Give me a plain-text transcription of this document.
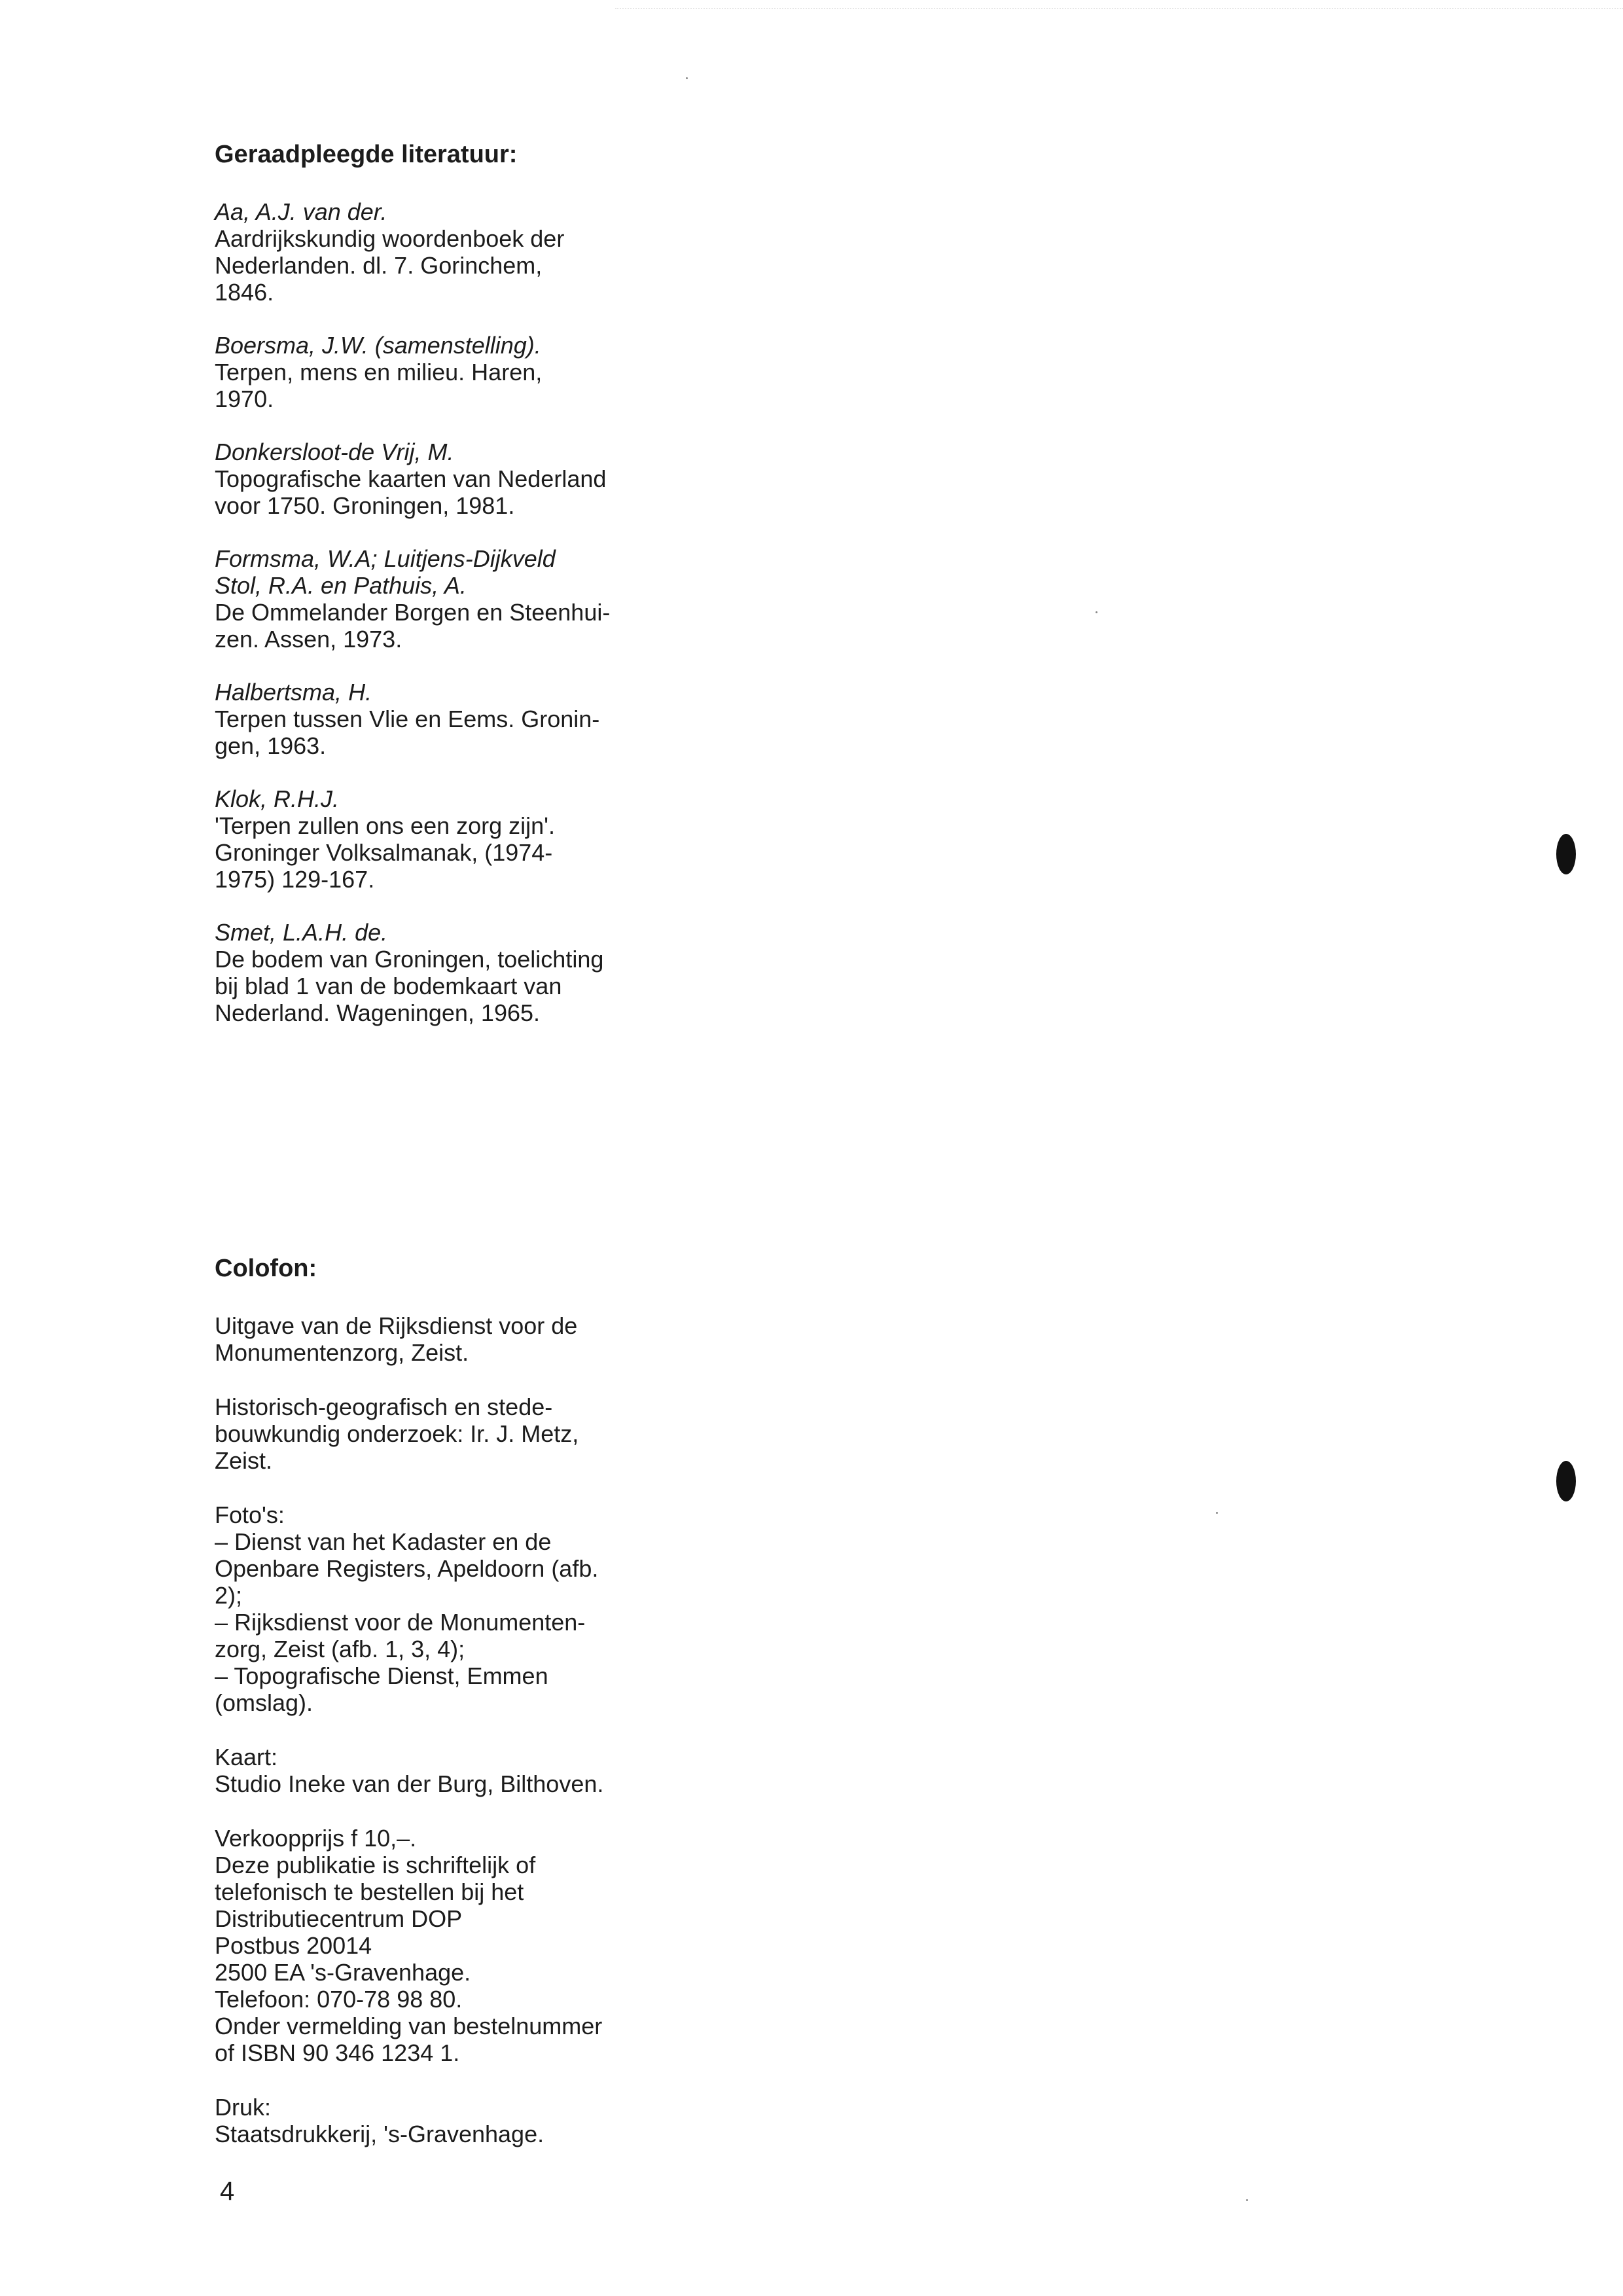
Geraadpleegde literatuur:
Aa, A.J. van der.
Aardrijkskundig woordenboek der
Nederlanden. dl. 7. Gorinchem,
1846.
Boersma, J.W. (samenstelling).
Terpen, mens en milieu. Haren,
1970.
Donkersloot-de Vrij, M.
Topografische kaarten van Nederland
voor 1750. Groningen, 1981.
Formsma, W.A; Luitjens-Dijkveld
Stol, R.A. en Pathuis, A.
De Ommelander Borgen en Steenhui-
zen. Assen, 1973.
Halbertsma, H.
Terpen tussen Vlie en Eems. Gronin-
gen, 1963.
Klok, R.H.J.
'Terpen zullen ons een zorg zijn'.
Groninger Volksalmanak, (1974-
1975) 129-167.
Smet, L.A.H. de.
De bodem van Groningen, toelichting
bij blad 1 van de bodemkaart van
Nederland. Wageningen, 1965.
Colofon:

Uitgave van de Rijksdienst voor de
Monumentenzorg, Zeist.

Historisch-geografisch en stede-
bouwkundig onderzoek: Ir. J. Metz,
Zeist.

Foto's:
– Dienst van het Kadaster en de
Openbare Registers, Apeldoorn (afb.
2);
– Rijksdienst voor de Monumenten-
zorg, Zeist (afb. 1, 3, 4);
– Topografische Dienst, Emmen
(omslag).

Kaart:
Studio Ineke van der Burg, Bilthoven.

Verkoopprijs f 10,–.
Deze publikatie is schriftelijk of
telefonisch te bestellen bij het
Distributiecentrum DOP
Postbus 20014
2500 EA 's-Gravenhage.
Telefoon: 070-78 98 80.
Onder vermelding van bestelnummer
of ISBN 90 346 1234 1.

Druk:
Staatsdrukkerij, 's-Gravenhage.

4
